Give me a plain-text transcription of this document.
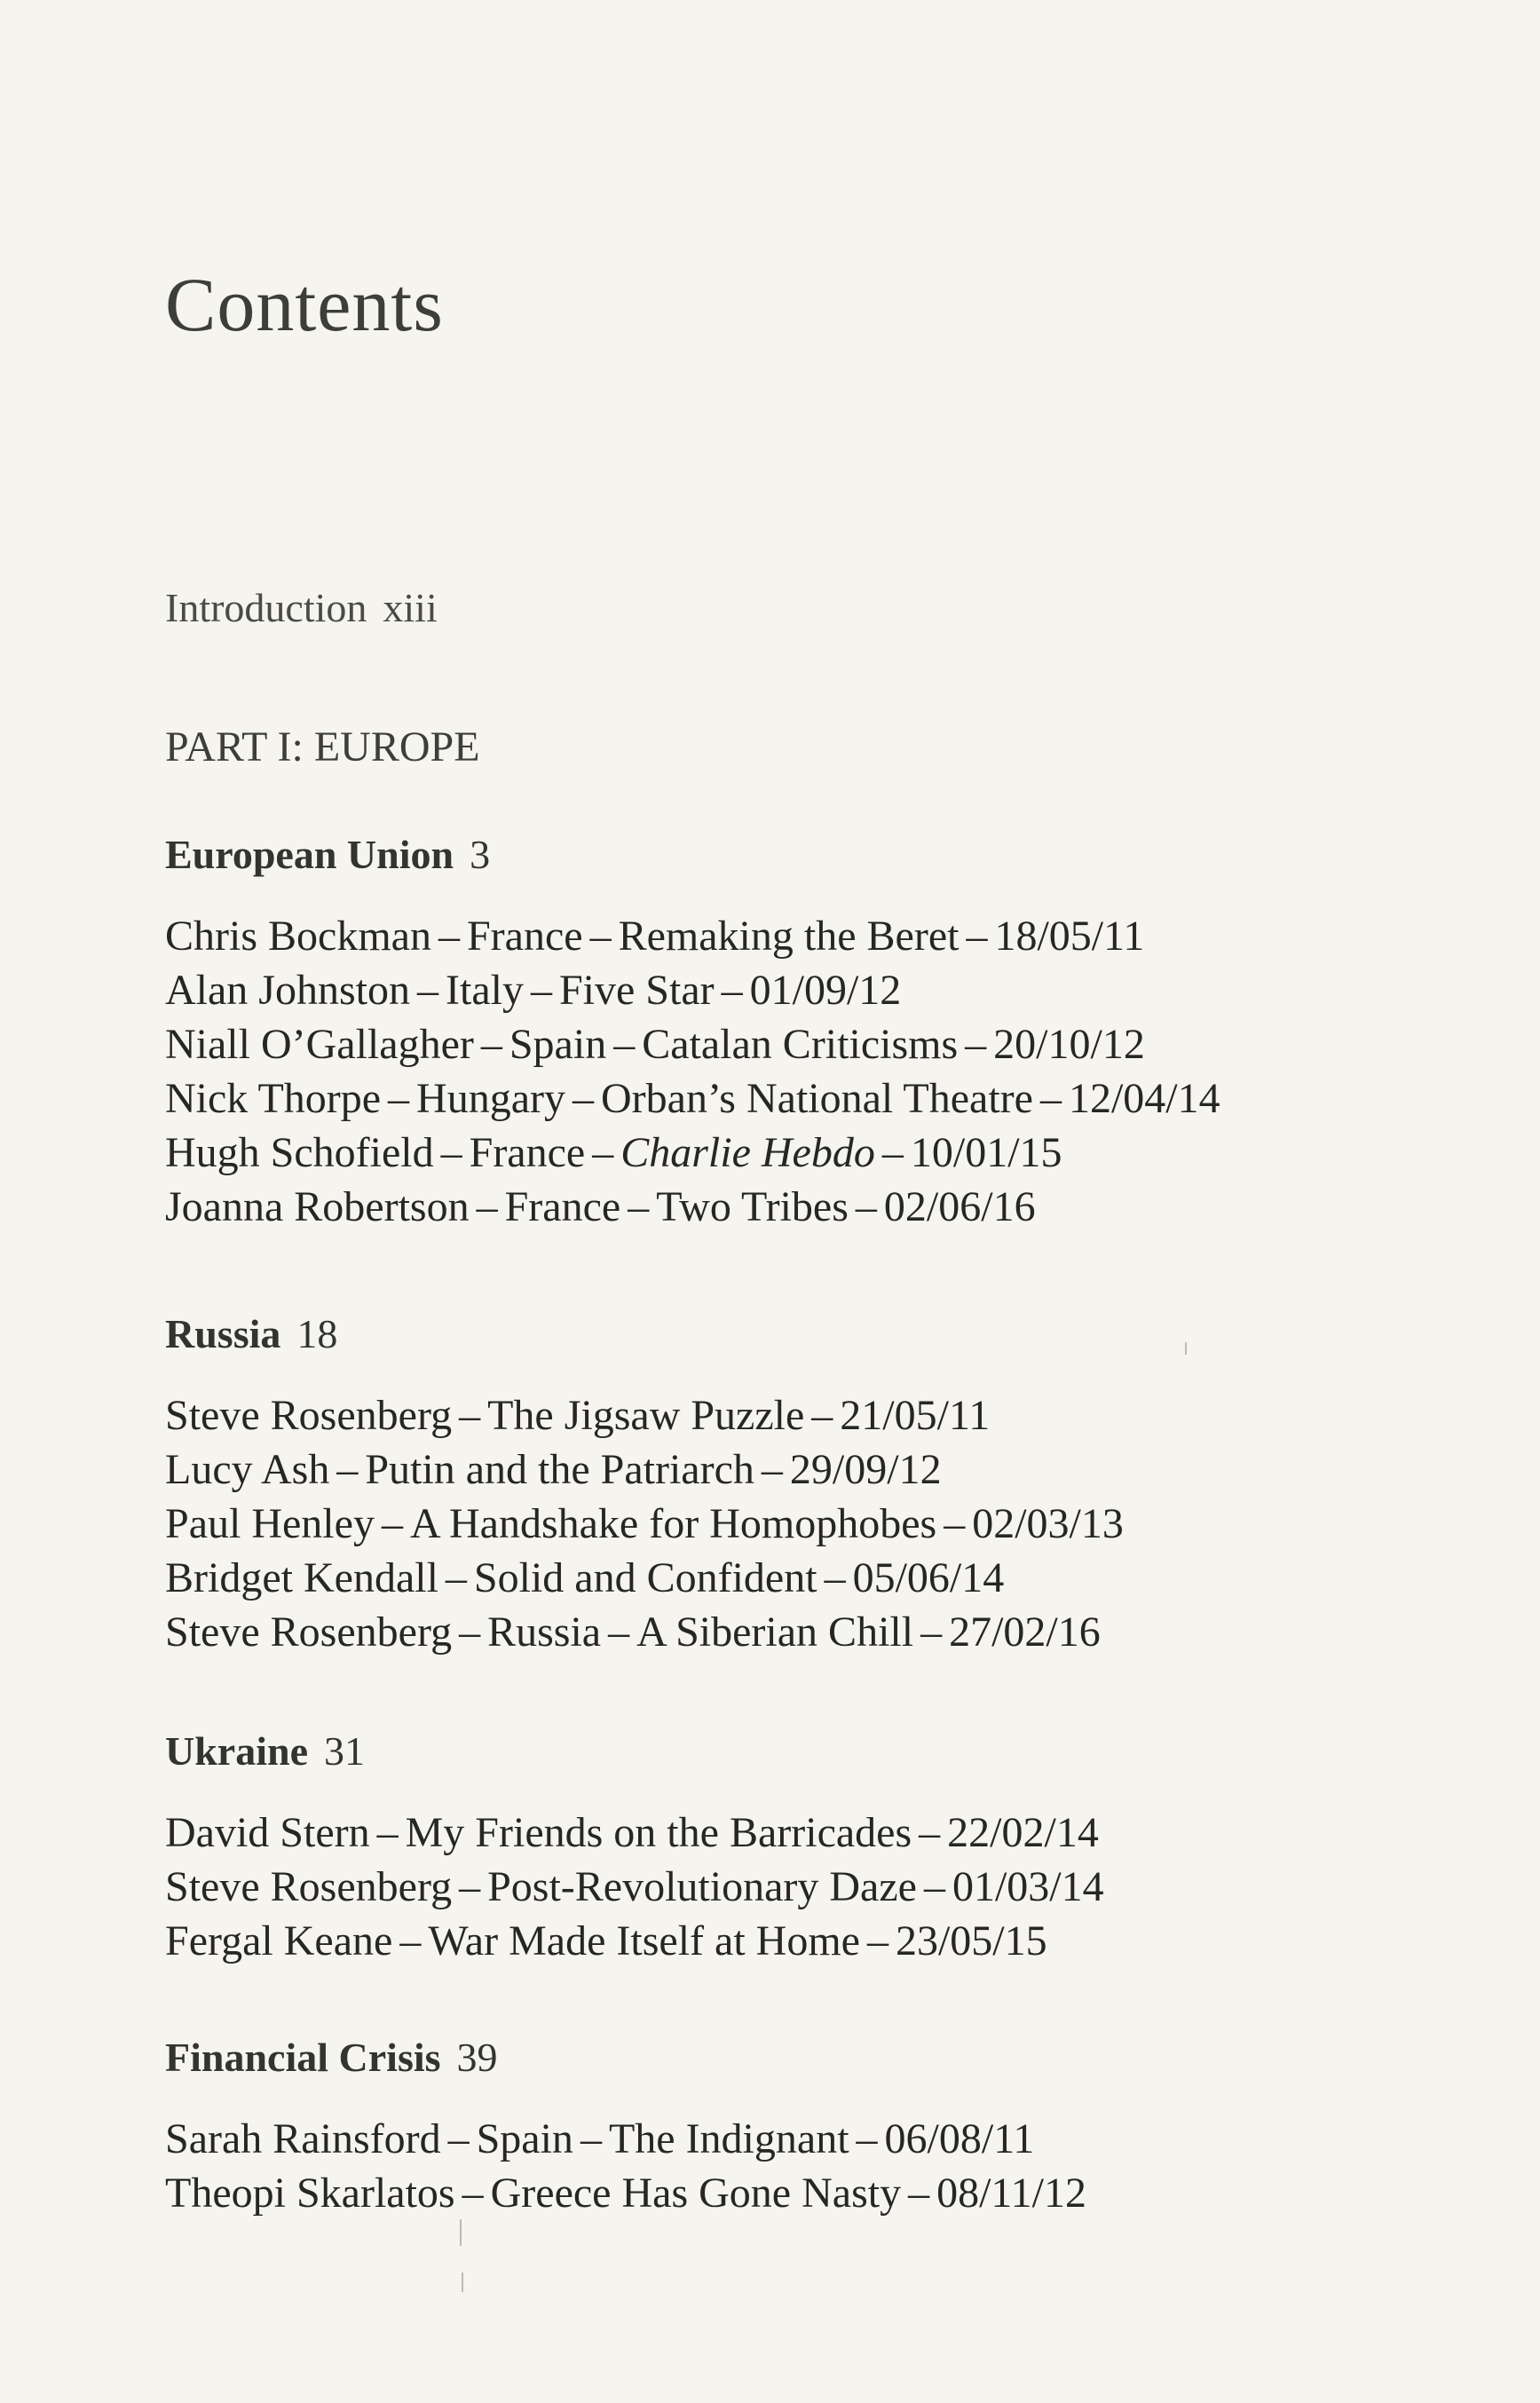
Contents
Introduction xiii
PART I: EUROPE
European Union 3
Chris Bockman – France – Remaking the Beret – 18/05/11
Alan Johnston – Italy – Five Star – 01/09/12
Niall O’Gallagher – Spain – Catalan Criticisms – 20/10/12
Nick Thorpe – Hungary – Orban’s National Theatre – 12/04/14
Hugh Schofield – France – Charlie Hebdo – 10/01/15
Joanna Robertson – France – Two Tribes – 02/06/16
Russia 18
Steve Rosenberg – The Jigsaw Puzzle – 21/05/11
Lucy Ash – Putin and the Patriarch – 29/09/12
Paul Henley – A Handshake for Homophobes – 02/03/13
Bridget Kendall – Solid and Confident – 05/06/14
Steve Rosenberg – Russia – A Siberian Chill – 27/02/16
Ukraine 31
David Stern – My Friends on the Barricades – 22/02/14
Steve Rosenberg – Post-Revolutionary Daze – 01/03/14
Fergal Keane – War Made Itself at Home – 23/05/15
Financial Crisis 39
Sarah Rainsford – Spain – The Indignant – 06/08/11
Theopi Skarlatos – Greece Has Gone Nasty – 08/11/12
